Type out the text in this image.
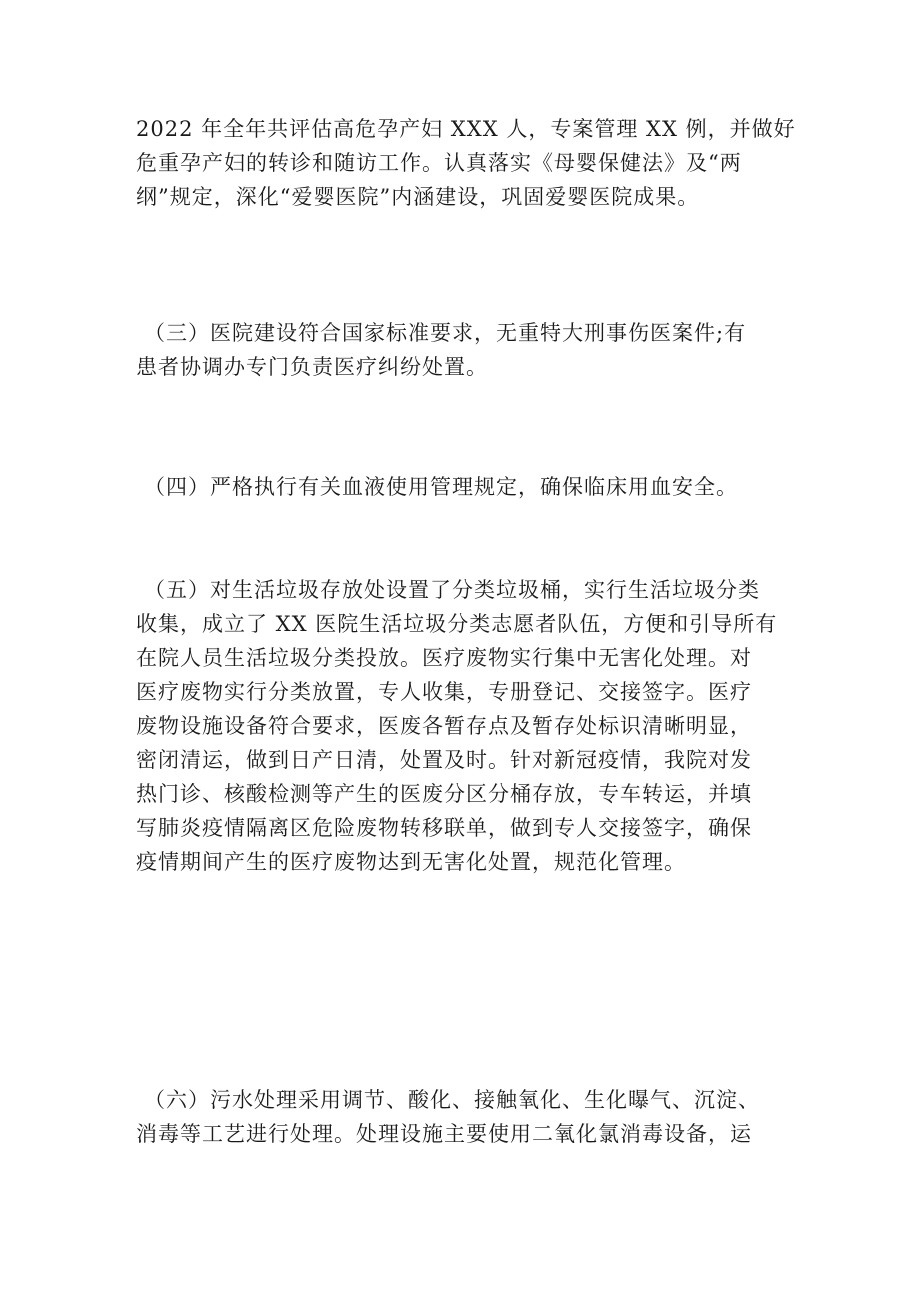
2022 年全年共评估高危孕产妇 XXX 人，专案管理 XX 例，并做好
危重孕产妇的转诊和随访工作。认真落实《母婴保健法》及“两
纲”规定，深化“爱婴医院”内涵建设，巩固爱婴医院成果。

（三）医院建设符合国家标准要求，无重特大刑事伤医案件;有
患者协调办专门负责医疗纠纷处置。

（四）严格执行有关血液使用管理规定，确保临床用血安全。

（五）对生活垃圾存放处设置了分类垃圾桶，实行生活垃圾分类
收集，成立了 XX 医院生活垃圾分类志愿者队伍，方便和引导所有
在院人员生活垃圾分类投放。医疗废物实行集中无害化处理。对
医疗废物实行分类放置，专人收集，专册登记、交接签字。医疗
废物设施设备符合要求，医废各暂存点及暂存处标识清晰明显，
密闭清运，做到日产日清，处置及时。针对新冠疫情，我院对发
热门诊、核酸检测等产生的医废分区分桶存放，专车转运，并填
写肺炎疫情隔离区危险废物转移联单，做到专人交接签字，确保
疫情期间产生的医疗废物达到无害化处置，规范化管理。

（六）污水处理采用调节、酸化、接触氧化、生化曝气、沉淀、
消毒等工艺进行处理。处理设施主要使用二氧化氯消毒设备，运
